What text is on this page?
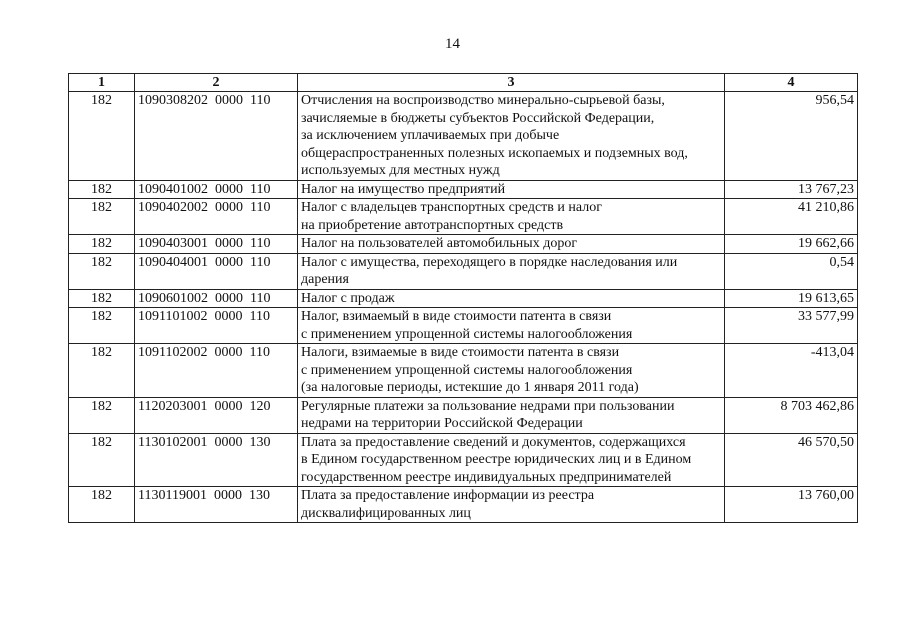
14
1	2	3	4
182	1090308202  0000  110	Отчисления на воспроизводство минерально-сырьевой базы,
зачисляемые в бюджеты субъектов Российской Федерации,
за исключением уплачиваемых при добыче
общераспространенных полезных ископаемых и подземных вод,
используемых для местных нужд	956,54
182	1090401002  0000  110	Налог на имущество предприятий	13 767,23
182	1090402002  0000  110	Налог с владельцев транспортных средств и налог
на приобретение автотранспортных средств	41 210,86
182	1090403001  0000  110	Налог на пользователей автомобильных дорог	19 662,66
182	1090404001  0000  110	Налог с имущества, переходящего в порядке наследования или
дарения	0,54
182	1090601002  0000  110	Налог с продаж	19 613,65
182	1091101002  0000  110	Налог, взимаемый в виде стоимости патента в связи
с применением упрощенной системы налогообложения	33 577,99
182	1091102002  0000  110	Налоги, взимаемые в виде стоимости патента в связи
с применением упрощенной системы налогообложения
(за налоговые периоды, истекшие до 1 января 2011 года)	-413,04
182	1120203001  0000  120	Регулярные платежи за пользование недрами при пользовании
недрами на территории Российской Федерации	8 703 462,86
182	1130102001  0000  130	Плата за предоставление сведений и документов, содержащихся
в Едином государственном реестре юридических лиц и в Едином
государственном реестре индивидуальных предпринимателей	46 570,50
182	1130119001  0000  130	Плата за предоставление информации из реестра
дисквалифицированных лиц	13 760,00
